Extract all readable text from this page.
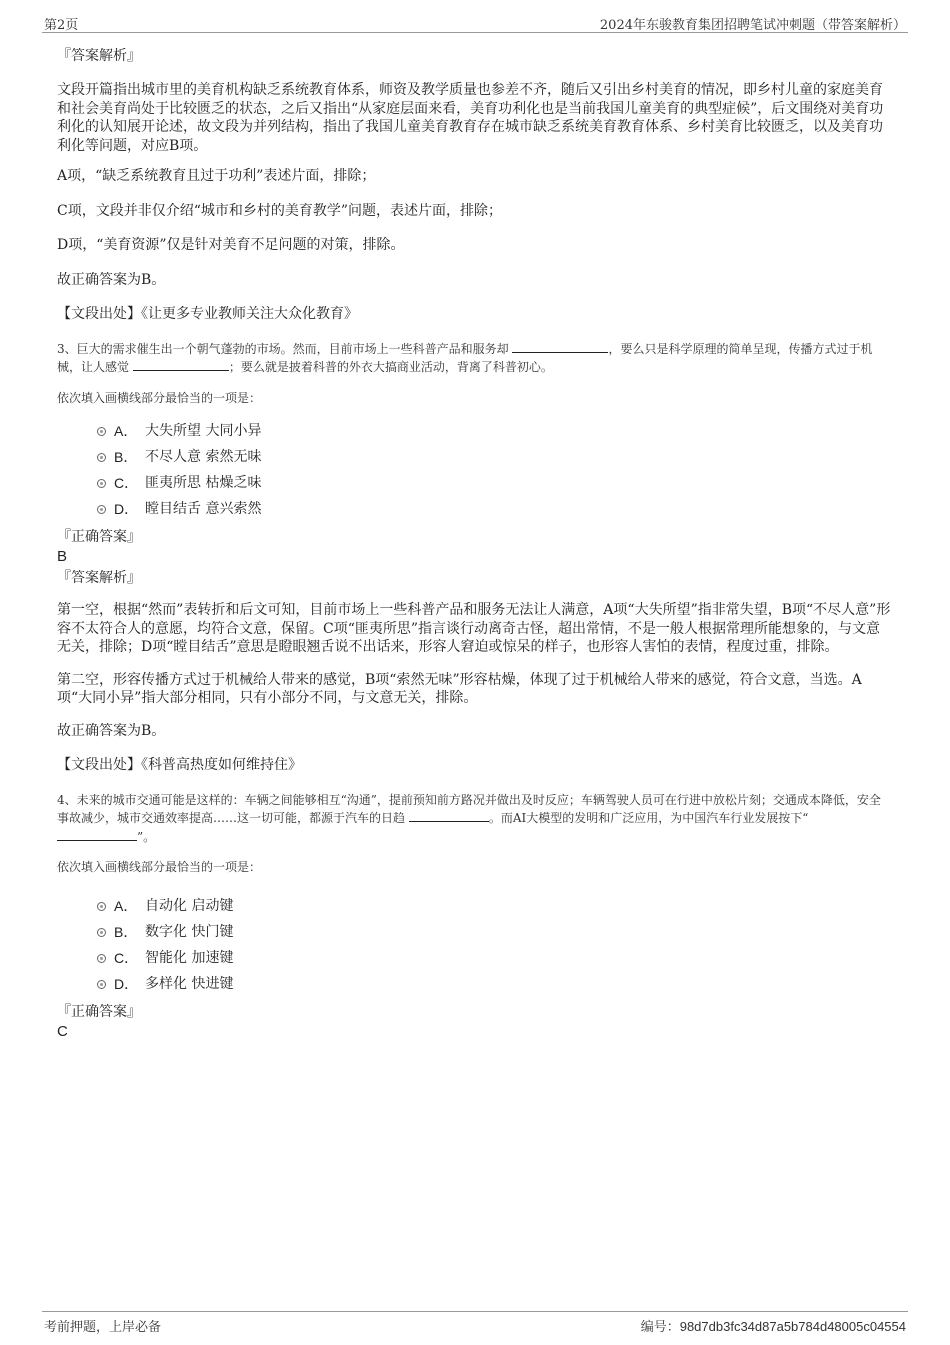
第2页	2024年东骏教育集团招聘笔试冲刺题（带答案解析）
『答案解析』
文段开篇指出城市里的美育机构缺乏系统教育体系，师资及教学质量也参差不齐，随后又引出乡村美育的情况，即乡村儿童的家庭美育和社会美育尚处于比较匮乏的状态，之后又指出“从家庭层面来看，美育功利化也是当前我国儿童美育的典型症候”，后文围绕对美育功利化的认知展开论述，故文段为并列结构，指出了我国儿童美育教育存在城市缺乏系统美育教育体系、乡村美育比较匮乏，以及美育功利化等问题，对应B项。
A项，“缺乏系统教育且过于功利”表述片面，排除；
C项，文段并非仅介绍“城市和乡村的美育教学”问题，表述片面，排除；
D项，“美育资源”仅是针对美育不足问题的对策，排除。
故正确答案为B。
【文段出处】《让更多专业教师关注大众化教育》
3、巨大的需求催生出一个朝气蓬勃的市场。然而，目前市场上一些科普产品和服务却	，要么只是科学原理的简单呈现，传播方式过于机械，让人感觉	；要么就是披着科普的外衣大搞商业活动，背离了科普初心。
依次填入画横线部分最恰当的一项是：
A． 大失所望 大同小异
B． 不尽人意 索然无味
C． 匪夷所思 枯燥乏味
D． 瞠目结舌 意兴索然
『正确答案』
B
『答案解析』
第一空，根据“然而”表转折和后文可知，目前市场上一些科普产品和服务无法让人满意，A项“大失所望”指非常失望，B项“不尽人意”形容不太符合人的意愿，均符合文意，保留。C项“匪夷所思”指言谈行动离奇古怪，超出常情，不是一般人根据常理所能想象的，与文意无关，排除；D项“瞠目结舌”意思是瞪眼翘舌说不出话来，形容人窘迫或惊呆的样子，也形容人害怕的表情，程度过重，排除。
第二空，形容传播方式过于机械给人带来的感觉，B项“索然无味”形容枯燥，体现了过于机械给人带来的感觉，符合文意，当选。A项“大同小异”指大部分相同，只有小部分不同，与文意无关，排除。
故正确答案为B。
【文段出处】《科普高热度如何维持住》
4、未来的城市交通可能是这样的：车辆之间能够相互“沟通”，提前预知前方路况并做出及时反应；车辆驾驶人员可在行进中放松片刻；交通成本降低，安全事故减少，城市交通效率提高……这一切可能，都源于汽车的日趋	。而AI大模型的发明和广泛应用，为中国汽车行业发展按下“ ”。
依次填入画横线部分最恰当的一项是：
A． 自动化 启动键
B． 数字化 快门键
C． 智能化 加速键
D． 多样化 快进键
『正确答案』
C
考前押题，上岸必备	编号：98d7db3fc34d87a5b784d48005c04554
